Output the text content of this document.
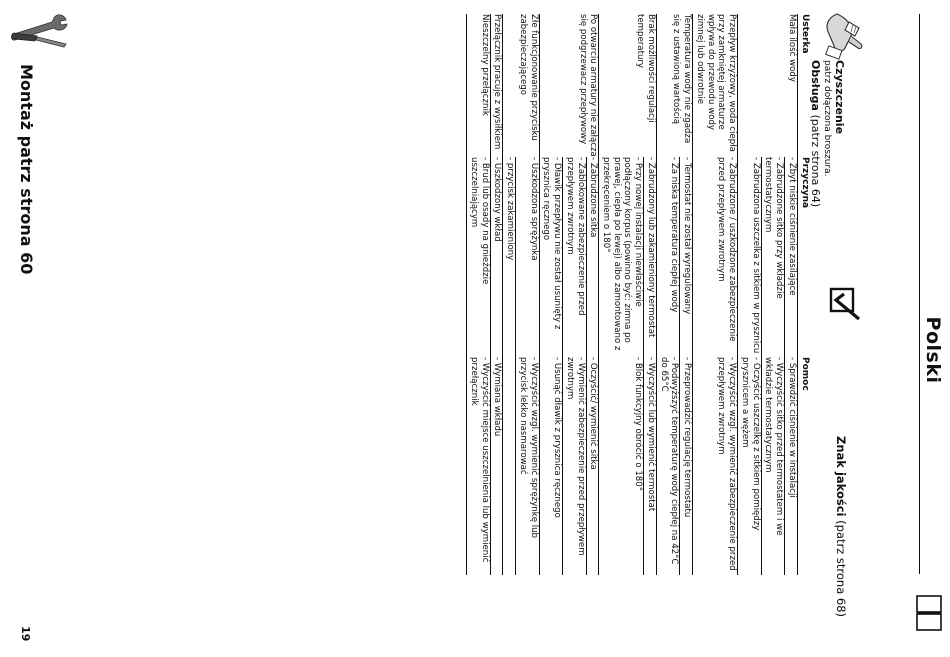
Polski
Czyszczenie
patrz dołączona broszura.
Obsługa (patrz strona 64)
Znak jakości (patrz strona 68)
Usterka	Przyczyna	Pomoc
Mała ilość wody	- Zbyt niskie ciśnienie zasilające	- Sprawdzić ciśnienie w instalacji
	- Zabrudzone sitko przy wkładzie termostatycznym	- Wyczyścić sitko przed termostatem i we wkładzie termostatycznym
	- Zabrudzona uszczelka z sitkiem w prysznicu	- Oczyścić uszczelkę z sitkiem pomiędzy prysznicem a wężem
Przepływ krzyżowy, woda ciepła przy zamkniętej armaturze wpływa do przewodu wody zimnej lub odwrotnie	- Zabrudzone / uszkodzone zabezpieczenie przed przepływem zwrotnym	- Wyczyścić wzgl. wymienić zabezpieczenie przed przepływem zwrotnym
Temperatura wody nie zgadza się z ustawioną wartością	- Termostat nie został wyregulowany	- Przeprowadzić regulację termostatu
	- Za niska temperatura ciepłej wody	- Podwyższyć temperaturę wody ciepłej na 42°C do 65°C
Brak możliwości regulacji temperatury	- Zabrudzony lub zakamieniony termostat	- Wyczyścić lub wymienić termostat
	- Przy nowej instalacji niewłaściwie podłączony korpus (powinno być: zimna po prawej, ciepła po lewej) albo zamontowano z przekręceniem o 180°	- Blok funkcyjny obrócić o 180°
Po otwarciu armatury nie załącza się podgrzewacz przepływowy	- Zabrudzone sitka	- Oczyścić/ wymienić sitka
	- Zablokowane zabezpieczenie przed przepływem zwrotnym	- Wymienić zabezpieczenie przed przepływem zwrotnym
	- Dławik przepływu nie został usunięty z prysznica ręcznego	- Usunąć dławik z prysznica ręcznego
Złe funkcjonowanie przycisku zabezpieczającego	- Uszkodzona sprężynka	- Wyczyścić wzgl. wymienić sprężynkę lub przycisk lekko nasmarować
	- przycisk zakamieniony	
Przełącznik pracuje z wysiłkiem	- Uszkodzony wkład	- Wymiana wkładu
Nieszczelny przełącznik	- Brud lub osady na gnieździe uszczelniającym	- Wyczyścić miejsce uszczelnienia lub wymienić przełącznik
Montaż patrz strona 60
19
